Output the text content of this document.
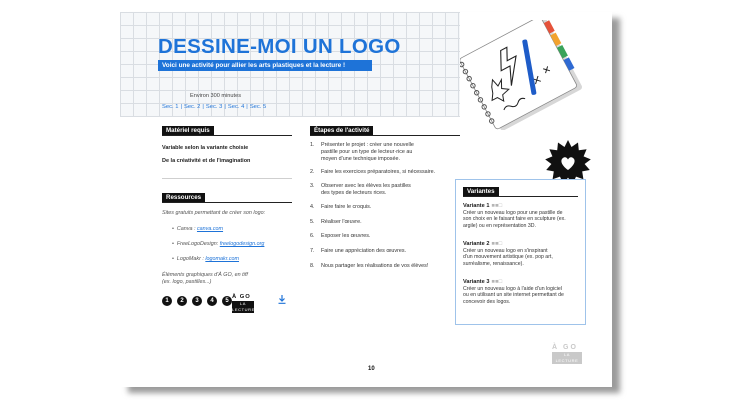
DESSINE-MOI UN LOGO
Voici une activité pour allier les arts plastiques et la lecture !
Environ 300 minutes
Sec. 1 | Sec. 2 | Sec. 3 | Sec. 4 | Sec. 5
Matériel requis
Variable selon la variante choisie
De la créativité et de l'imagination
Ressources
Sites gratuits permettant de créer son logo:
•  Canva : canva.com
•  FreeLogoDesign: freelogodesign.org
•  LogoMakr : logomakr.com
Éléments graphiques d'À GO, en tiff
(ex. logo, pastilles...)
1	2	3	4	5
À GO
LA LECTURE
Étapes de l'activité
1. Présenter le projet : créer une nouvelle
pastille pour un type de lecteur·rice au
moyen d'une technique imposée.
2. Faire les exercices préparatoires, si nécessaire.
3. Observer avec les élèves les pastilles
des types de lecteurs rices.
4. Faire faire le croquis.
5. Réaliser l'œuvre.
6. Exposer les œuvres.
7. Faire une appréciation des œuvres.
8. Nous partager les réalisations de vos élèves!
Variantes
Variante 1 ■■□
Créer un nouveau logo pour une pastille de
son choix en le faisant faire en sculpture (ex.
argile) ou en représentation 3D.
Variante 2 ■■□
Créer un nouveau logo en s'inspirant
d'un mouvement artistique (ex. pop art,
surréalisme, renaissance).
Variante 3 ■■□
Créer un nouveau logo à l'aide d'un logiciel
ou en utilisant un site internet permettant de
concevoir des logos.
À GO
LA LECTURE
10
